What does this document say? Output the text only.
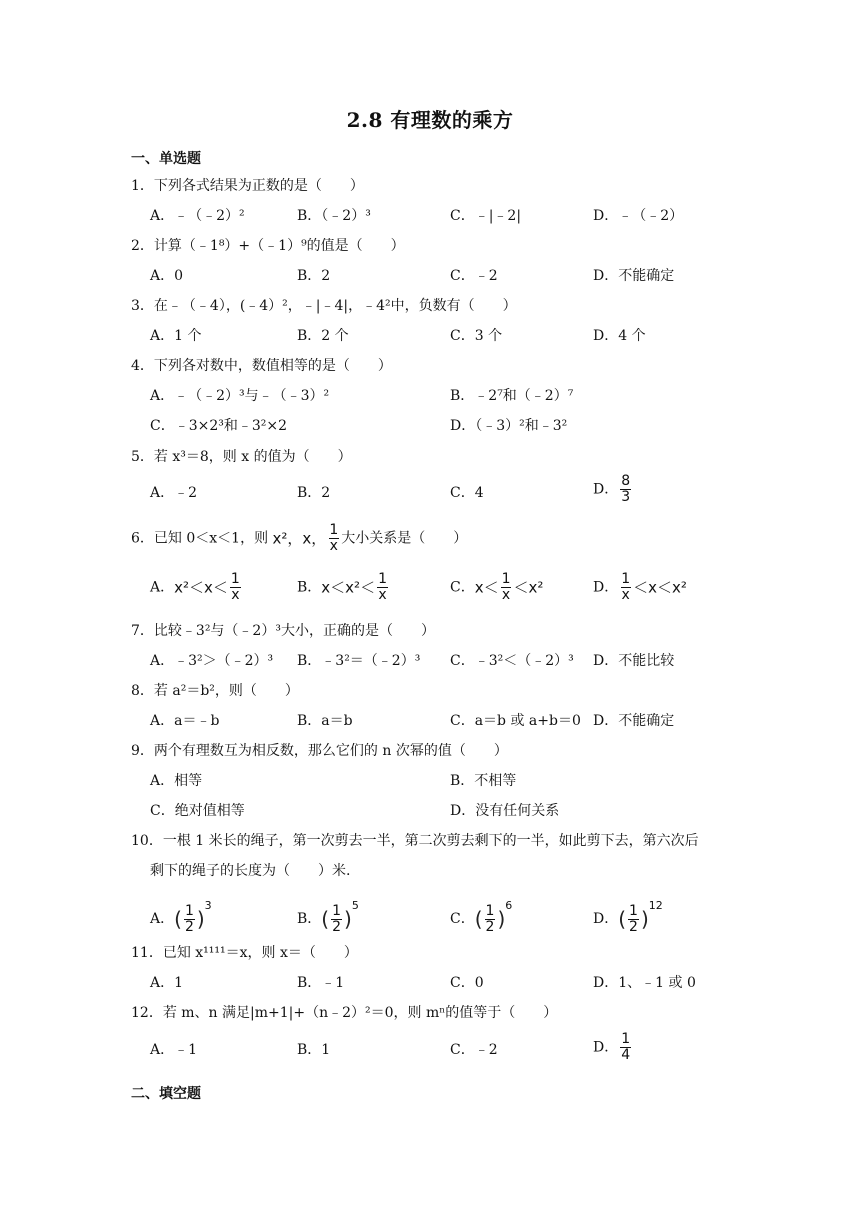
2.8 有理数的乘方
一、单选题
1．下列各式结果为正数的是（　　）
A．﹣（﹣2）²	B．（﹣2）³	C．﹣|﹣2|	D．﹣（﹣2）
2．计算（﹣1⁸）+（﹣1）⁹的值是（　　）
A．0	B．2	C．﹣2	D．不能确定
3．在﹣（﹣4），(﹣4）²，﹣|﹣4|，﹣4²中，负数有（　　）
A．1 个	B．2 个	C．3 个	D．4 个
4．下列各对数中，数值相等的是（　　）
A．﹣（﹣2）³与﹣（﹣3）²	B．﹣2⁷和（﹣2）⁷
C．﹣3×2³和﹣3²×2	D．（﹣3）²和﹣3²
5．若 x³＝8，则 x 的值为（　　）
A．﹣2	B．2	C．4	D． $\frac{8}{3}$
6．已知 0＜x＜1，则 x²，x， $\frac{1}{x}$ 大小关系是（　　）
A．$x^2<x< \frac{1}{x}$	B．$x<x^2< \frac{1}{x}$	C．$x< \frac{1}{x} <x^2$	D． $\frac{1}{x} <x<x^2$
7．比较﹣3²与（﹣2）³大小，正确的是（　　）
A．﹣3²＞（﹣2）³ B．﹣3²＝（﹣2）³ C．﹣3²＜（﹣2）³ D．不能比较
8．若 a²＝b²，则（　　）
A．a＝﹣b	B．a＝b	C．a＝b 或 a+b＝0 D．不能确定
9．两个有理数互为相反数，那么它们的 n 次幂的值（　　）
A．相等	B．不相等
C．绝对值相等	D．没有任何关系
10．一根 1 米长的绳子，第一次剪去一半，第二次剪去剩下的一半，如此剪下去，第六次后
剩下的绳子的长度为（　　）米.
A．( $\frac{1}{2} )^3$
B．( $\frac{1}{2} )^5$
C．( $\frac{1}{2} )^6$
D．( $\frac{1}{2} )^{12}$
11．已知 x¹¹¹¹＝x，则 x＝（　　）
A．1	B．﹣1	C．0	D．1、﹣1 或 0
12．若 m、n 满足|m+1|+（n﹣2）²＝0，则 mⁿ的值等于（　　）
A．﹣1	B．1	C．﹣2	D． $\frac{1}{4}$
二、填空题
